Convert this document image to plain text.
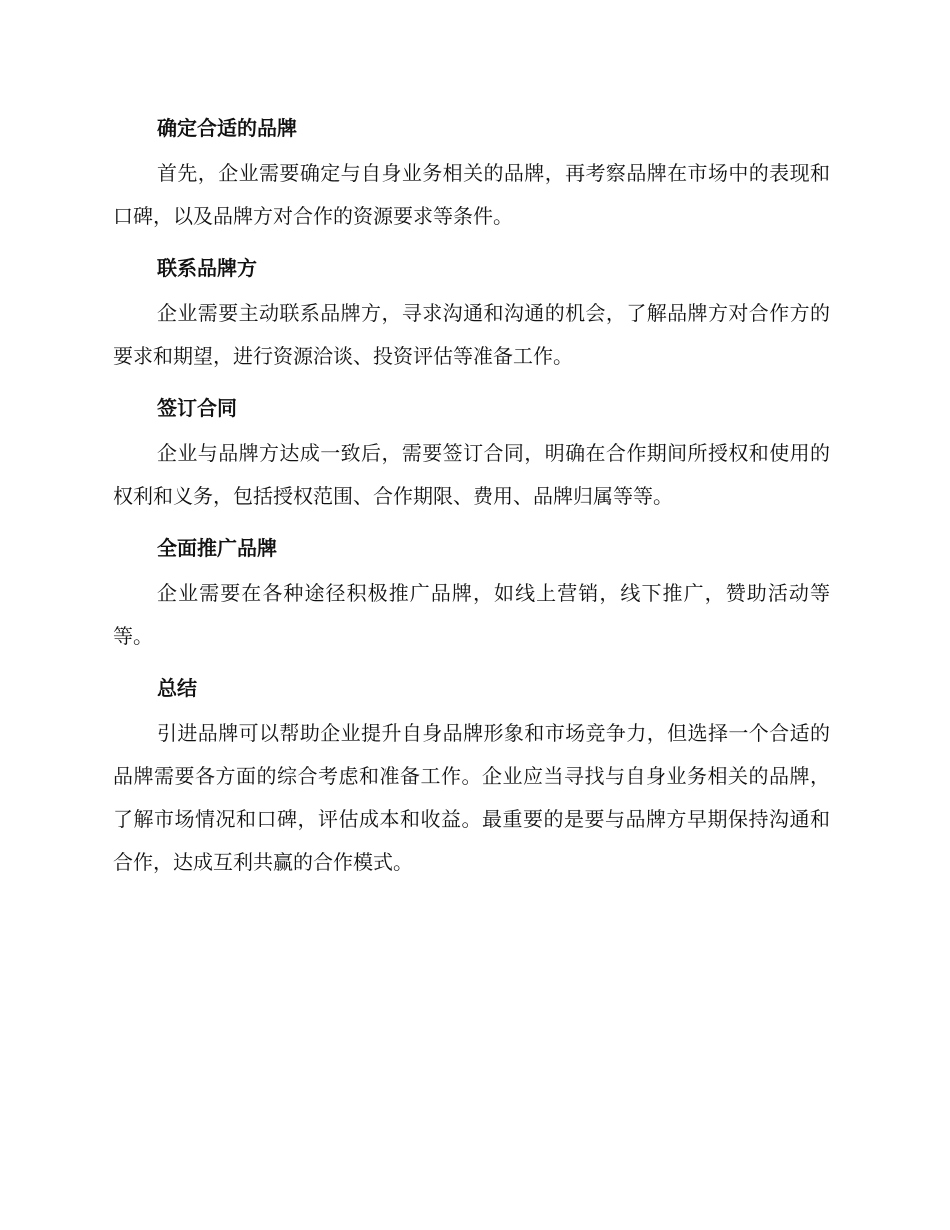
确定合适的品牌

首先，企业需要确定与自身业务相关的品牌，再考察品牌在市场中的表现和口碑，以及品牌方对合作的资源要求等条件。

联系品牌方

企业需要主动联系品牌方，寻求沟通和沟通的机会，了解品牌方对合作方的要求和期望，进行资源洽谈、投资评估等准备工作。

签订合同

企业与品牌方达成一致后，需要签订合同，明确在合作期间所授权和使用的权利和义务，包括授权范围、合作期限、费用、品牌归属等等。

全面推广品牌

企业需要在各种途径积极推广品牌，如线上营销，线下推广，赞助活动等等。

总结

引进品牌可以帮助企业提升自身品牌形象和市场竞争力，但选择一个合适的品牌需要各方面的综合考虑和准备工作。企业应当寻找与自身业务相关的品牌，了解市场情况和口碑，评估成本和收益。最重要的是要与品牌方早期保持沟通和合作，达成互利共赢的合作模式。
